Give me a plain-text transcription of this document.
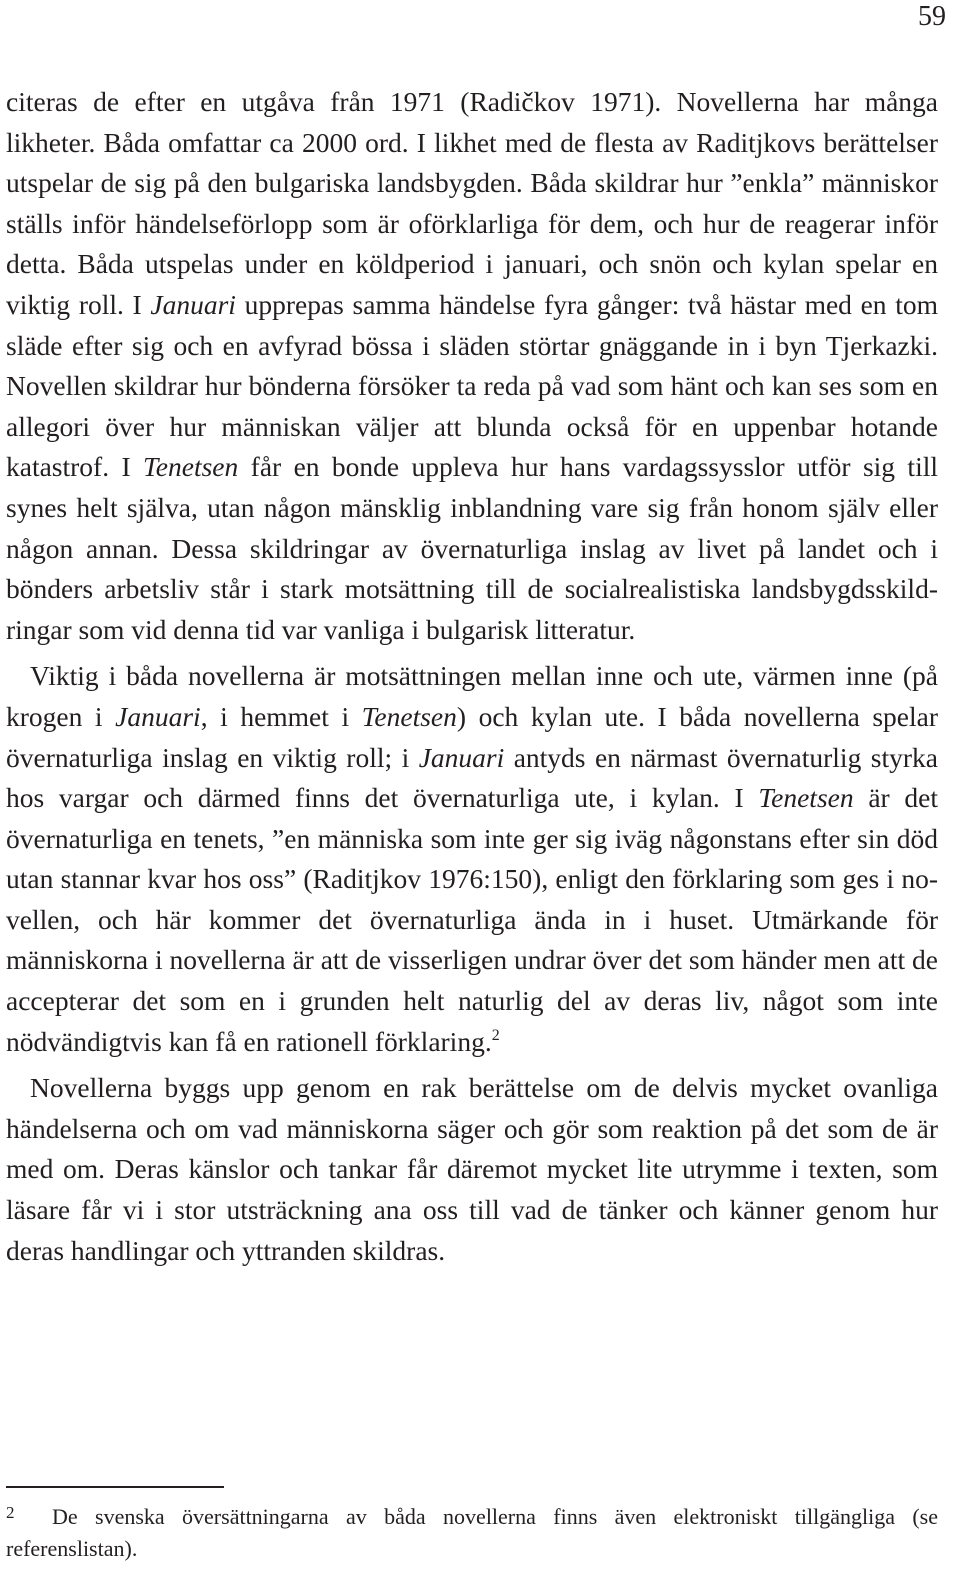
59

citeras de efter en utgåva från 1971 (Radičkov 1971). Novellerna har många likheter. Båda omfattar ca 2000 ord. I likhet med de flesta av Raditjkovs berättelser utspelar de sig på den bulgariska landsbygden. Båda skildrar hur ”enkla” människor ställs inför händelseförlopp som är oförklarliga för dem, och hur de reagerar inför detta. Båda utspelas under en köldperiod i januari, och snön och kylan spelar en viktig roll. I Januari upprepas samma händelse fyra gånger: två hästar med en tom släde efter sig och en avfyrad bössa i släden störtar gnäggande in i byn Tjerkazki. Novellen skildrar hur bönderna försöker ta reda på vad som hänt och kan ses som en allegori över hur människan väljer att blunda också för en uppenbar hotande katastrof. I Tenetsen får en bonde uppleva hur hans vardagssysslor utför sig till synes helt själva, utan någon mänsklig inblandning vare sig från honom själv eller någon annan. Dessa skildringar av övernaturliga inslag av livet på landet och i bönders arbetsliv står i stark motsättning till de socialrealistiska landsbygdsskildringar som vid denna tid var vanliga i bulgarisk litteratur.

Viktig i båda novellerna är motsättningen mellan inne och ute, värmen inne (på krogen i Januari, i hemmet i Tenetsen) och kylan ute. I båda novellerna spelar övernaturliga inslag en viktig roll; i Januari antyds en närmast övernaturlig styrka hos vargar och därmed finns det övernaturliga ute, i kylan. I Tenetsen är det övernaturliga en tenets, ”en människa som inte ger sig iväg någonstans efter sin död utan stannar kvar hos oss” (Raditjkov 1976:150), enligt den förklaring som ges i novellen, och här kommer det övernaturliga ända in i huset. Utmärkande för människorna i novellerna är att de visserligen undrar över det som händer men att de accepterar det som en i grunden helt naturlig del av deras liv, något som inte nödvändigtvis kan få en rationell förklaring.$^2$

Novellerna byggs upp genom en rak berättelse om de delvis mycket ovanliga händelserna och om vad människorna säger och gör som reaktion på det som de är med om. Deras känslor och tankar får däremot mycket lite utrymme i texten, som läsare får vi i stor utsträckning ana oss till vad de tänker och känner genom hur deras handlingar och yttranden skildras.

2 De svenska översättningarna av båda novellerna finns även elektroniskt tillgängliga (se referenslistan).
